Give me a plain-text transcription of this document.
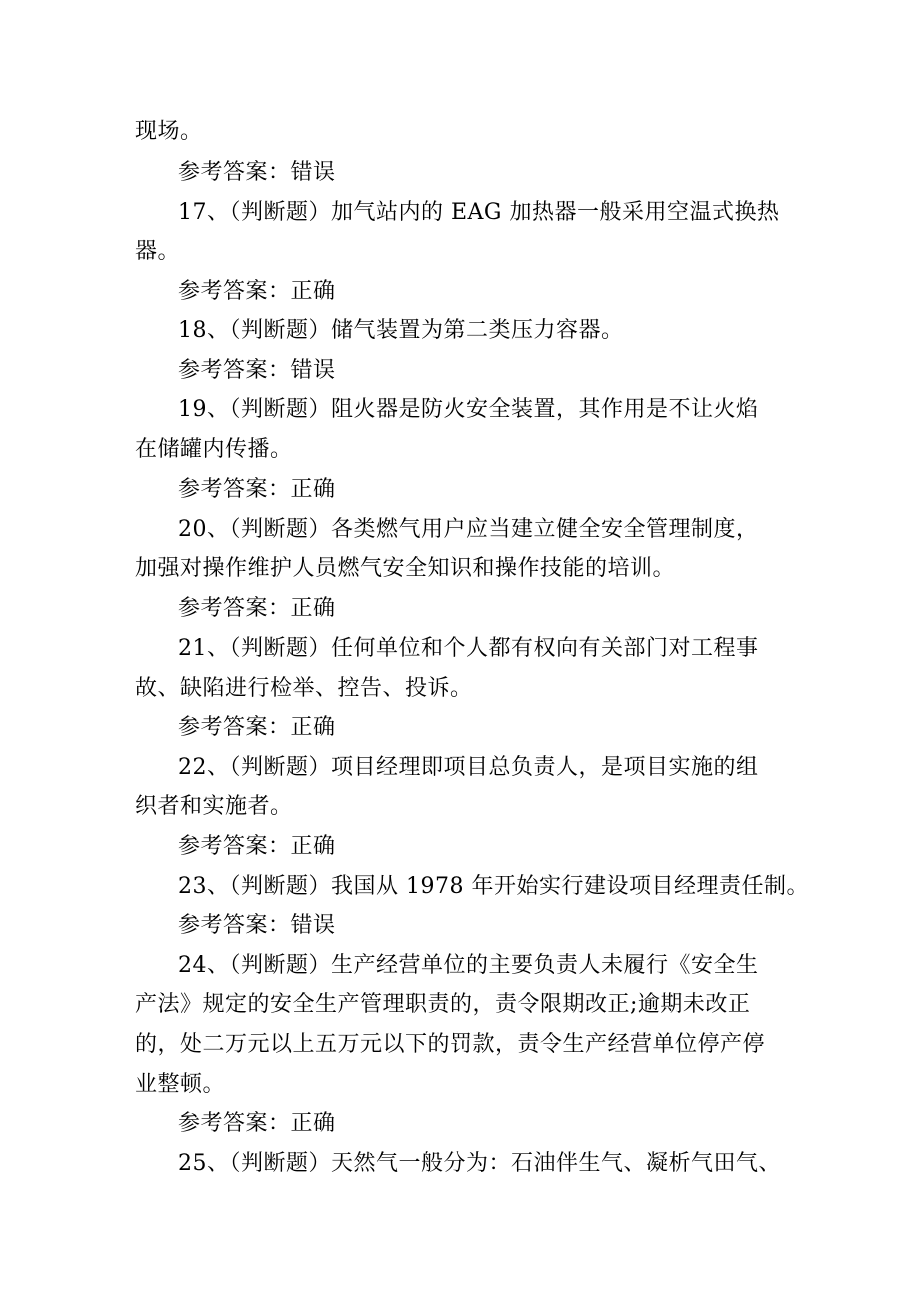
现场。
参考答案：错误
17、（判断题）加气站内的 EAG 加热器一般采用空温式换热
器。
参考答案：正确
18、（判断题）储气装置为第二类压力容器。
参考答案：错误
19、（判断题）阻火器是防火安全装置，其作用是不让火焰
在储罐内传播。
参考答案：正确
20、（判断题）各类燃气用户应当建立健全安全管理制度，
加强对操作维护人员燃气安全知识和操作技能的培训。
参考答案：正确
21、（判断题）任何单位和个人都有权向有关部门对工程事
故、缺陷进行检举、控告、投诉。
参考答案：正确
22、（判断题）项目经理即项目总负责人，是项目实施的组
织者和实施者。
参考答案：正确
23、（判断题）我国从 1978 年开始实行建设项目经理责任制。
参考答案：错误
24、（判断题）生产经营单位的主要负责人未履行《安全生
产法》规定的安全生产管理职责的，责令限期改正;逾期未改正
的，处二万元以上五万元以下的罚款，责令生产经营单位停产停
业整顿。
参考答案：正确
25、（判断题）天然气一般分为：石油伴生气、凝析气田气、
